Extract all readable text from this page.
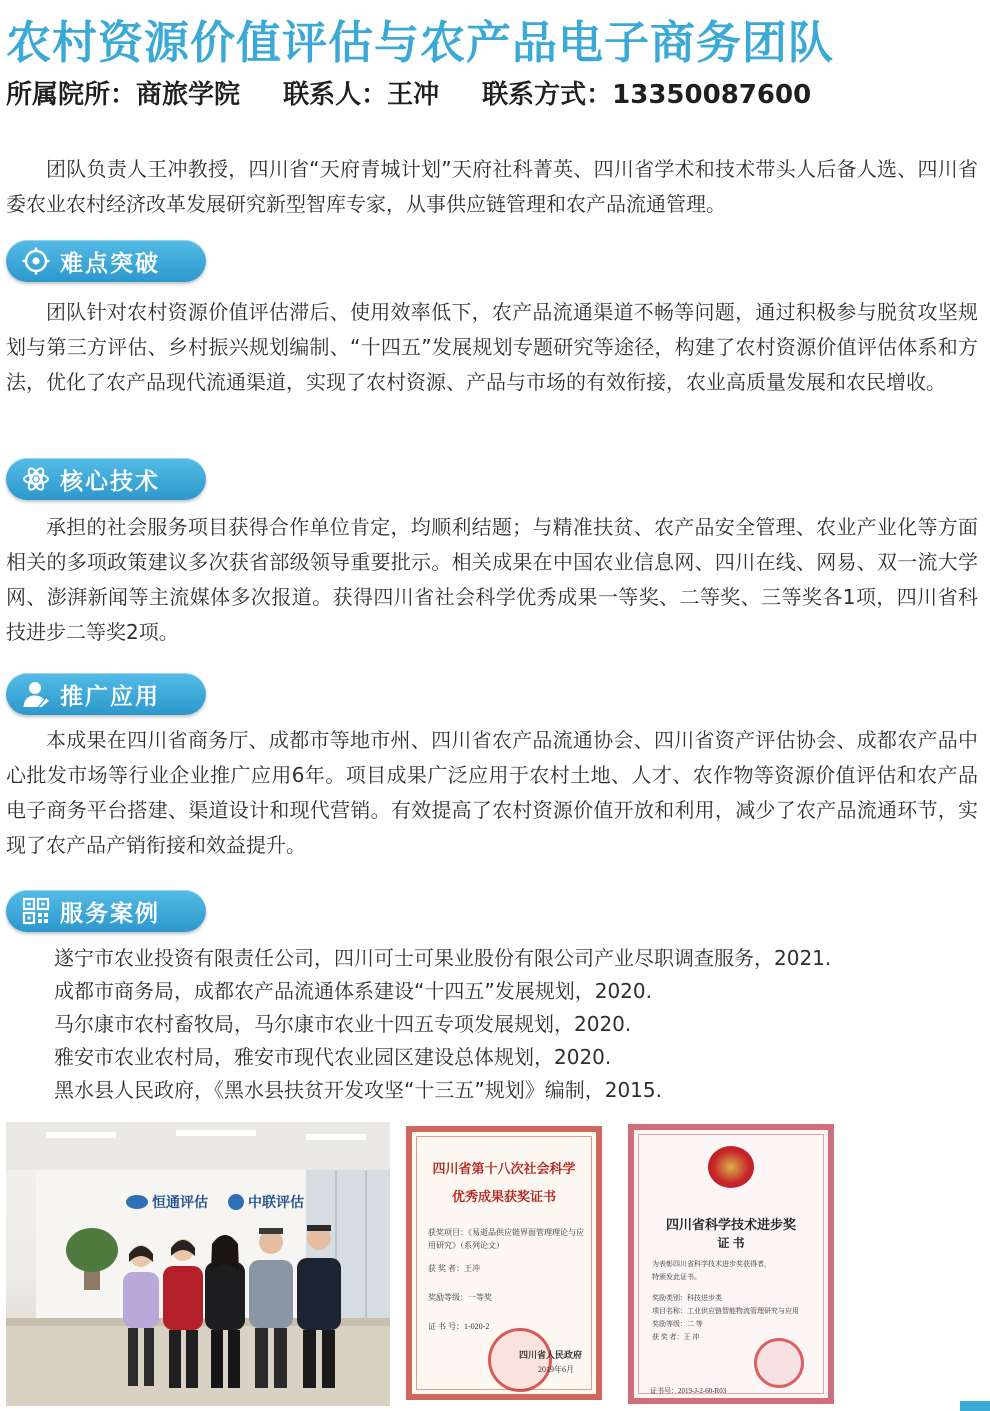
农村资源价值评估与农产品电子商务团队

所属院所：商旅学院 联系人：王冲 联系方式：13350087600

团队负责人王冲教授，四川省“天府青城计划”天府社科菁英、四川省学术和技术带头人后备人选、四川省委农业农村经济改革发展研究新型智库专家，从事供应链管理和农产品流通管理。

难点突破

团队针对农村资源价值评估滞后、使用效率低下，农产品流通渠道不畅等问题，通过积极参与脱贫攻坚规划与第三方评估、乡村振兴规划编制、“十四五”发展规划专题研究等途径，构建了农村资源价值评估体系和方法，优化了农产品现代流通渠道，实现了农村资源、产品与市场的有效衔接，农业高质量发展和农民增收。

核心技术

承担的社会服务项目获得合作单位肯定，均顺利结题；与精准扶贫、农产品安全管理、农业产业化等方面相关的多项政策建议多次获省部级领导重要批示。相关成果在中国农业信息网、四川在线、网易、双一流大学网、澎湃新闻等主流媒体多次报道。获得四川省社会科学优秀成果一等奖、二等奖、三等奖各1项，四川省科技进步二等奖2项。

推广应用

本成果在四川省商务厅、成都市等地市州、四川省农产品流通协会、四川省资产评估协会、成都农产品中心批发市场等行业企业推广应用6年。项目成果广泛应用于农村土地、人才、农作物等资源价值评估和农产品电子商务平台搭建、渠道设计和现代营销。有效提高了农村资源价值开放和利用，减少了农产品流通环节，实现了农产品产销衔接和效益提升。

服务案例
遂宁市农业投资有限责任公司，四川可士可果业股份有限公司产业尽职调查服务，2021.
成都市商务局，成都农产品流通体系建设“十四五”发展规划，2020.
马尔康市农村畜牧局，马尔康市农业十四五专项发展规划，2020.
雅安市农业农村局，雅安市现代农业园区建设总体规划，2020.
黑水县人民政府，《黑水县扶贫开发攻坚“十三五”规划》编制，2015.
恒通评估	中联评估
四川省第十八次社会科学
优秀成果获奖证书
获奖项目：《易逝品供应链界面管理理论与应用研究》（系列论文）
获 奖 者：王冲
奖励等级：一等奖
证 书 号：1-020-2
四川省人民政府
2019年6月
四川省科学技术进步奖
证 书
为表彰四川省科学技术进步奖获得者，
特颁发此证书。
奖励类别：科技进步类
项目名称：工业供应链智能物流管理研究与应用
奖励等级：二 等
获 奖 者：王 冲
证书号：2019-J-2-60-R03
